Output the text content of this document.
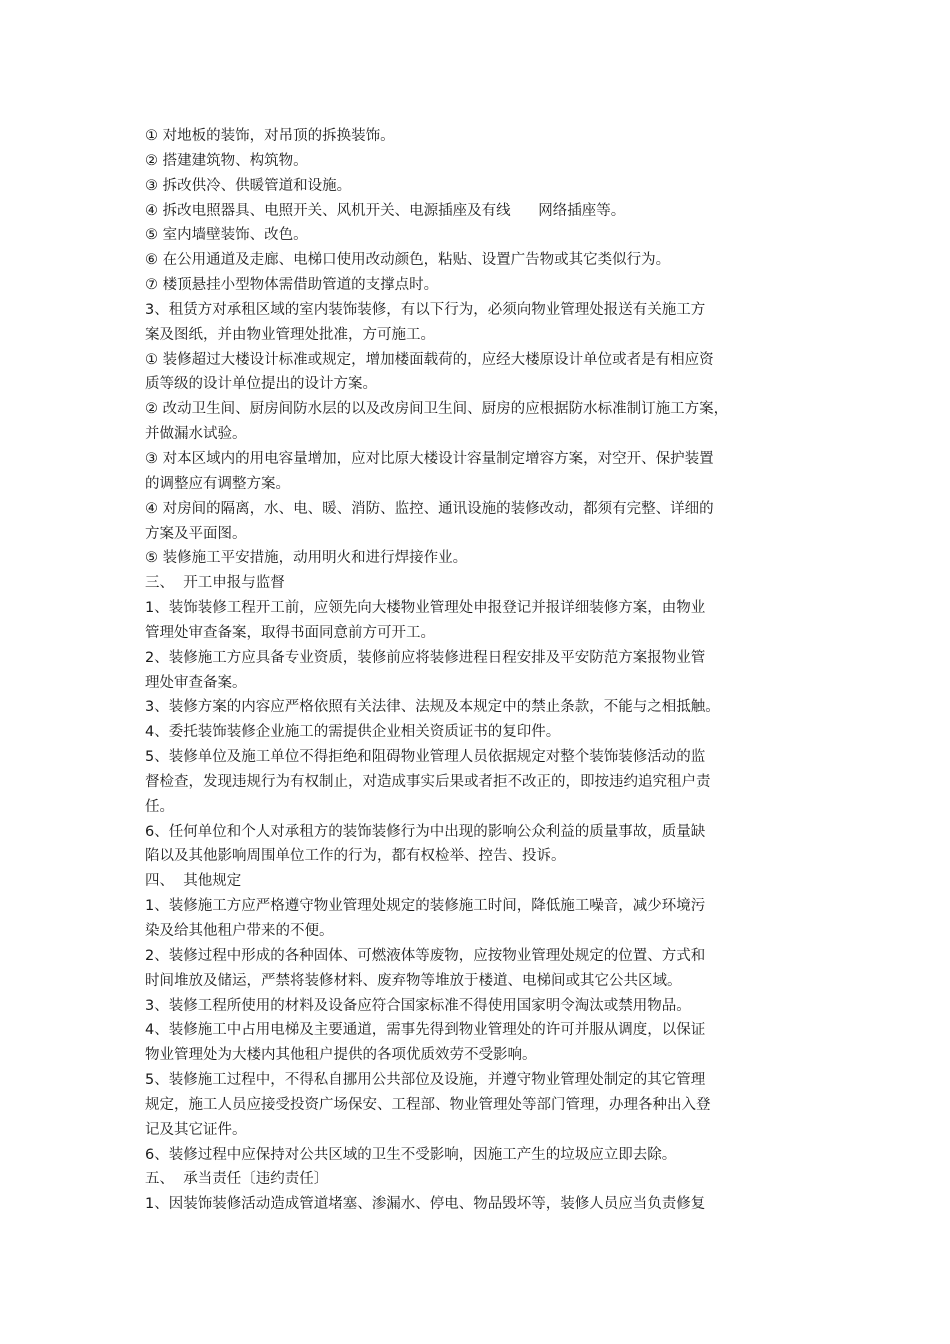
① 对地板的装饰，对吊顶的拆换装饰。
② 搭建建筑物、构筑物。
③ 拆改供冷、供暖管道和设施。
④ 拆改电照器具、电照开关、风机开关、电源插座及有线      网络插座等。
⑤ 室内墙壁装饰、改色。
⑥ 在公用通道及走廊、电梯口使用改动颜色，粘贴、设置广告物或其它类似行为。
⑦ 楼顶悬挂小型物体需借助管道的支撑点时。
3、租赁方对承租区域的室内装饰装修，有以下行为，必须向物业管理处报送有关施工方
案及图纸，并由物业管理处批准，方可施工。
① 装修超过大楼设计标准或规定，增加楼面载荷的，应经大楼原设计单位或者是有相应资
质等级的设计单位提出的设计方案。
② 改动卫生间、厨房间防水层的以及改房间卫生间、厨房的应根据防水标准制订施工方案，
并做漏水试验。
③ 对本区域内的用电容量增加，应对比原大楼设计容量制定增容方案，对空开、保护装置
的调整应有调整方案。
④ 对房间的隔离，水、电、暖、消防、监控、通讯设施的装修改动，都须有完整、详细的
方案及平面图。
⑤ 装修施工平安措施，动用明火和进行焊接作业。
三、  开工申报与监督
1、装饰装修工程开工前，应领先向大楼物业管理处申报登记并报详细装修方案，由物业
管理处审查备案，取得书面同意前方可开工。
2、装修施工方应具备专业资质，装修前应将装修进程日程安排及平安防范方案报物业管
理处审查备案。
3、装修方案的内容应严格依照有关法律、法规及本规定中的禁止条款，不能与之相抵触。
4、委托装饰装修企业施工的需提供企业相关资质证书的复印件。
5、装修单位及施工单位不得拒绝和阻碍物业管理人员依据规定对整个装饰装修活动的监
督检查，发现违规行为有权制止，对造成事实后果或者拒不改正的，即按违约追究租户责
任。
6、任何单位和个人对承租方的装饰装修行为中出现的影响公众利益的质量事故，质量缺
陷以及其他影响周围单位工作的行为，都有权检举、控告、投诉。
四、  其他规定
1、装修施工方应严格遵守物业管理处规定的装修施工时间，降低施工噪音，减少环境污
染及给其他租户带来的不便。
2、装修过程中形成的各种固体、可燃液体等废物，应按物业管理处规定的位置、方式和
时间堆放及储运，严禁将装修材料、废弃物等堆放于楼道、电梯间或其它公共区域。
3、装修工程所使用的材料及设备应符合国家标准不得使用国家明令淘汰或禁用物品。
4、装修施工中占用电梯及主要通道，需事先得到物业管理处的许可并服从调度，以保证
物业管理处为大楼内其他租户提供的各项优质效劳不受影响。
5、装修施工过程中，不得私自挪用公共部位及设施，并遵守物业管理处制定的其它管理
规定，施工人员应接受投资广场保安、工程部、物业管理处等部门管理，办理各种出入登
记及其它证件。
6、装修过程中应保持对公共区域的卫生不受影响，因施工产生的垃圾应立即去除。
五、  承当责任〔违约责任〕
1、因装饰装修活动造成管道堵塞、渗漏水、停电、物品毁坏等，装修人员应当负责修复
